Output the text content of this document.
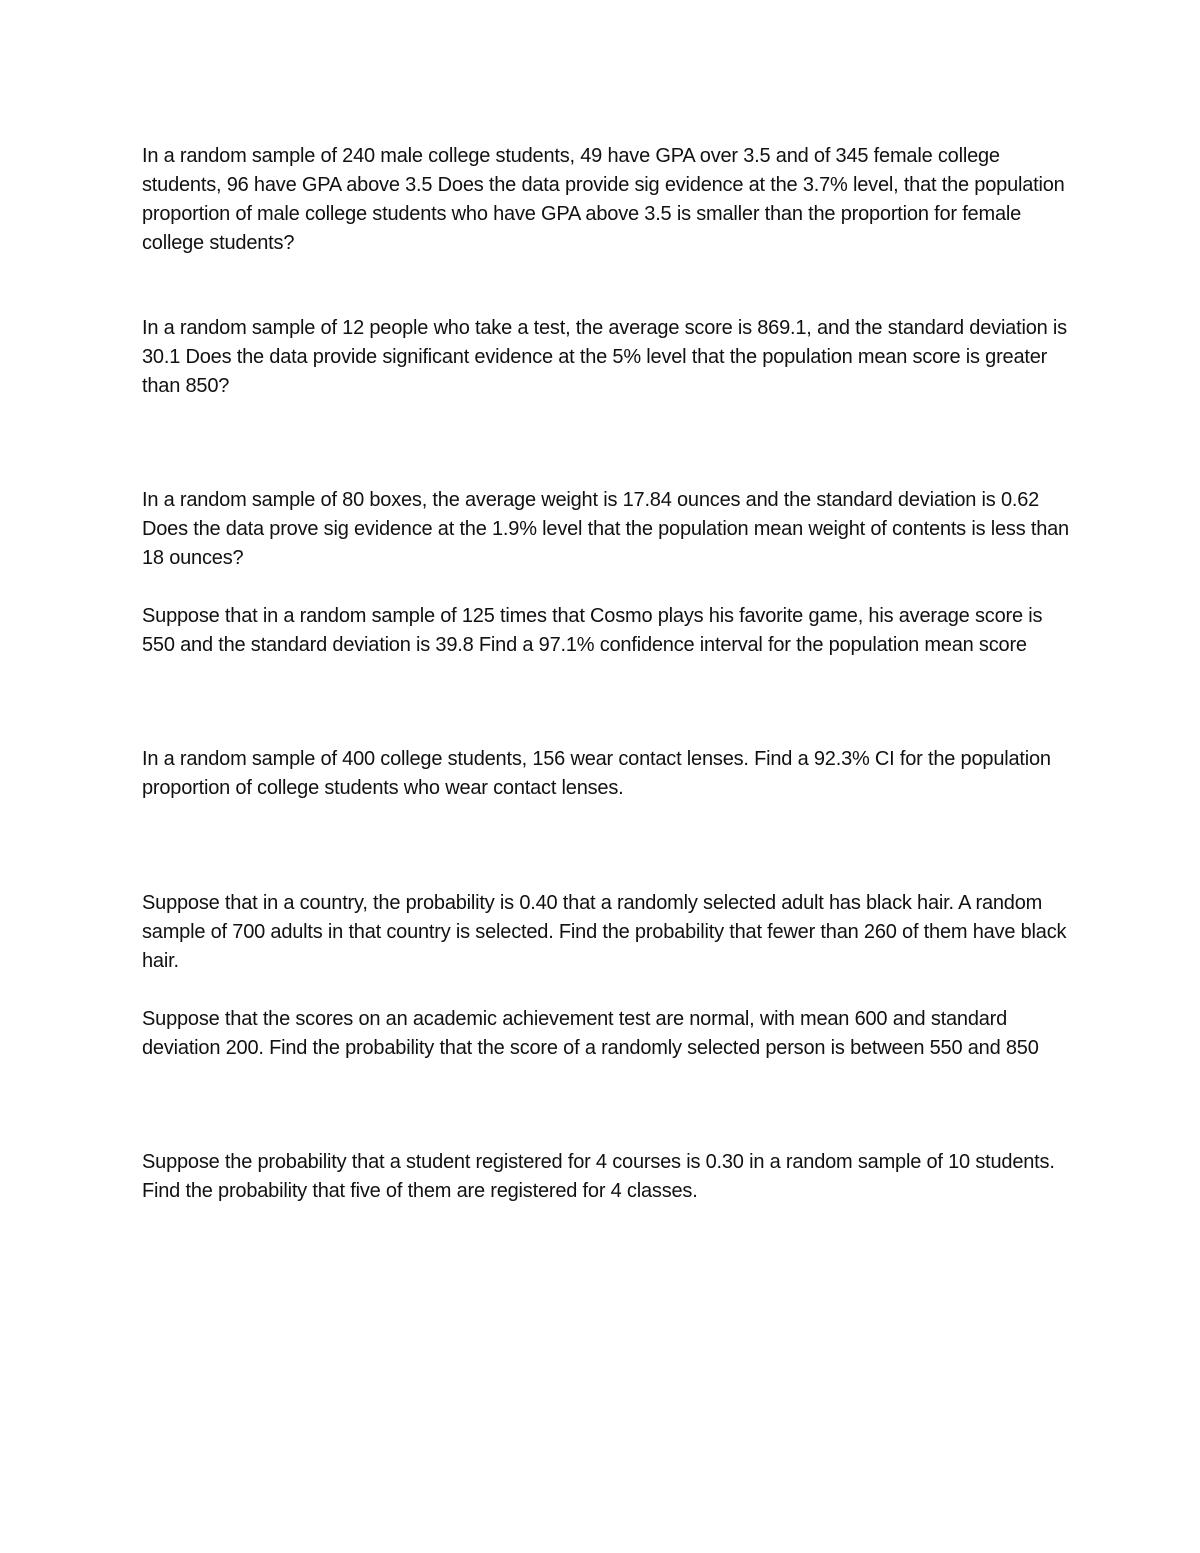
In a random sample of 240 male college students, 49 have GPA over 3.5 and of 345 female college students, 96 have GPA above 3.5 Does the data provide sig evidence at the 3.7% level, that the population proportion of male college students who have GPA above 3.5 is smaller than the proportion for female college students?

In a random sample of 12 people who take a test, the average score is 869.1, and the standard deviation is 30.1 Does the data provide significant evidence at the 5% level that the population mean score is greater than 850?

In a random sample of 80 boxes, the average weight is 17.84 ounces and the standard deviation is 0.62 Does the data prove sig evidence at the 1.9% level that the population mean weight of contents is less than 18 ounces?

Suppose that in a random sample of 125 times that Cosmo plays his favorite game, his average score is 550 and the standard deviation is 39.8 Find a 97.1% confidence interval for the population mean score

In a random sample of 400 college students, 156 wear contact lenses. Find a 92.3% CI for the population proportion of college students who wear contact lenses.

Suppose that in a country, the probability is 0.40 that a randomly selected adult has black hair. A random sample of 700 adults in that country is selected. Find the probability that fewer than 260 of them have black hair.

Suppose that the scores on an academic achievement test are normal, with mean 600 and standard deviation 200. Find the probability that the score of a randomly selected person is between 550 and 850

Suppose the probability that a student registered for 4 courses is 0.30 in a random sample of 10 students. Find the probability that five of them are registered for 4 classes.
